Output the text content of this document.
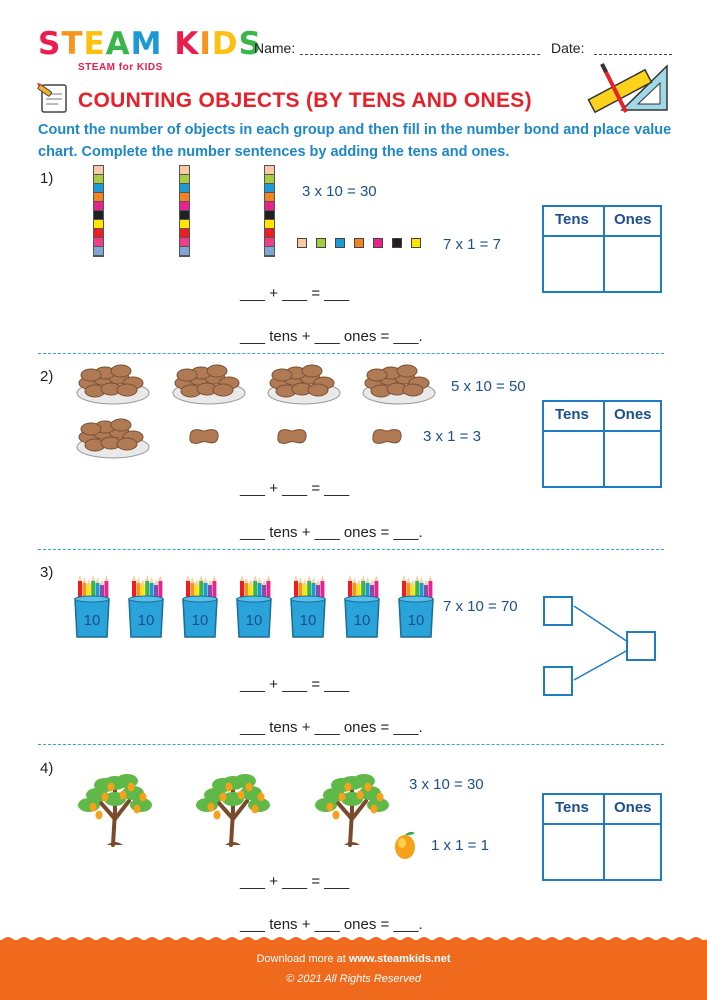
STEAM KIDS
STEAM for KIDS
Name:	Date:
COUNTING OBJECTS (BY TENS AND ONES)
Count the number of objects in each group and then fill in the number bond and place value chart. Complete the number sentences by adding the tens and ones.
1)
3 x 10 = 30
7 x 1 = 7
___ + ___ = ___
___ tens + ___ ones = ___.
Tens Ones
2)
5 x 10 = 50
3 x 1 = 3
___ + ___ = ___
___ tens + ___ ones = ___.
Tens Ones
3)
10 10 10 10 10 10 10
7 x 10 = 70
___ + ___ = ___
___ tens + ___ ones = ___.
4)
3 x 10 = 30
1 x 1 = 1
___ + ___ = ___
___ tens + ___ ones = ___.
Tens Ones
Download more at www.steamkids.net
© 2021 All Rights Reserved
